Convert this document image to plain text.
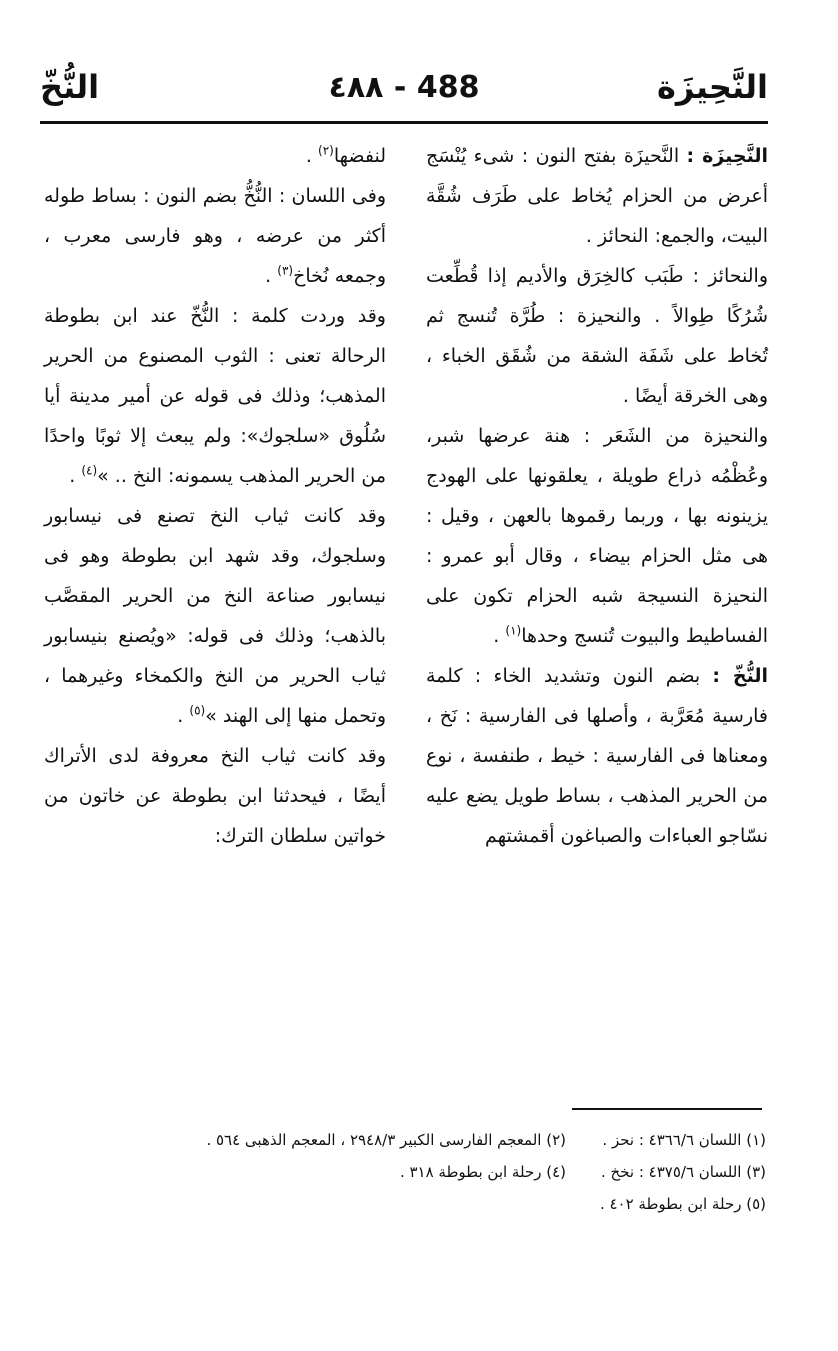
النَّحِيزَة
488 - ٤٨٨
النُّخّ

النَّحِيزَة : النَّحيزَة بفتح النون : شىء يُنْسَج أعرض من الحزام يُخاط على طَرَف شُقَّة البيت، والجمع: النحائز .

والنحائز : طَبَب كالخِرَق والأديم إذا قُطِّعت شُرُكًا طِوالاً . والنحيزة : طُرَّة تُنسج ثم تُخاط على شَفَة الشقة من شُقَق الخباء ، وهى الخرقة أيضًا .

والنحيزة من الشَعَر : هنة عرضها شبر، وعُظْمُه ذراع طويلة ، يعلقونها على الهودج يزينونه بها ، وربما رقموها بالعهن ، وقيل : هى مثل الحزام بيضاء ، وقال أبو عمرو : النحيزة النسيجة شبه الحزام تكون على الفساطيط والبيوت تُنسج وحدها$^{(١)}$ .

النُّخّ : بضم النون وتشديد الخاء : كلمة فارسية مُعَرَّبة ، وأصلها فى الفارسية : نَخ ، ومعناها فى الفارسية : خيط ، طنفسة ، نوع من الحرير المذهب ، بساط طويل يضع عليه نسّاجو العباءات والصباغون أقمشتهم

لنفضها$^{(٢)}$ .

وفى اللسان : النُّخُّ بضم النون : بساط طوله أكثر من عرضه ، وهو فارسى معرب ، وجمعه نُخاخ$^{(٣)}$ .

وقد وردت كلمة : النُّخّ عند ابن بطوطة الرحالة تعنى : الثوب المصنوع من الحرير المذهب؛ وذلك فى قوله عن أمير مدينة أيا سُلُوق «سلجوك»: ولم يبعث إلا ثوبًا واحدًا من الحرير المذهب يسمونه: النخ .. »$^{(٤)}$ .

وقد كانت ثياب النخ تصنع فى نيسابور وسلجوك، وقد شهد ابن بطوطة وهو فى نيسابور صناعة النخ من الحرير المقصَّب بالذهب؛ وذلك فى قوله: «ويُصنع بنيسابور ثياب الحرير من النخ والكمخاء وغيرهما ، وتحمل منها إلى الهند »$^{(٥)}$ .

وقد كانت ثياب النخ معروفة لدى الأتراك أيضًا ، فيحدثنا ابن بطوطة عن خاتون من خواتين سلطان الترك:

(١) اللسان ٤٣٦٦/٦ : نحز .
(٢) المعجم الفارسى الكبير ٢٩٤٨/٣ ، المعجم الذهبى ٥٦٤ .
(٣) اللسان ٤٣٧٥/٦ : نخخ .
(٤) رحلة ابن بطوطة ٣١٨ .
(٥) رحلة ابن بطوطة ٤٠٢ .
